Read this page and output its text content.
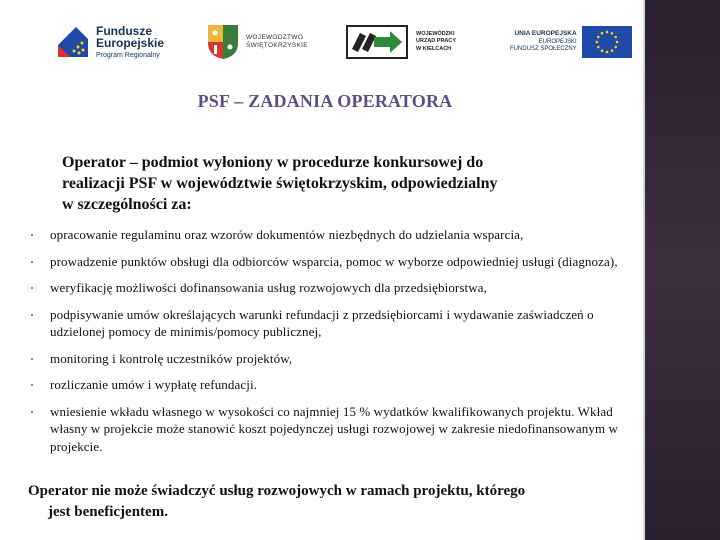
Fundusze
Europejskie
Program Regionalny
WOJEWÓDZTWO
ŚWIĘTOKRZYSKIE
WOJEWÓDZKI
URZĄD PRACY
W KIELCACH
UNIA EUROPEJSKA
EUROPEJSKI
FUNDUSZ SPOŁECZNY
PSF – ZADANIA OPERATORA
Operator – podmiot wyłoniony w procedurze konkursowej do
realizacji PSF w województwie świętokrzyskim, odpowiedzialny
w szczególności za:
opracowanie regulaminu oraz wzorów dokumentów niezbędnych do udzielania wsparcia,
prowadzenie punktów obsługi dla odbiorców wsparcia, pomoc w wyborze odpowiedniej usługi (diagnoza),
weryfikację możliwości dofinansowania usług rozwojowych dla przedsiębiorstwa,
podpisywanie umów określających warunki refundacji z przedsiębiorcami i wydawanie zaświadczeń o udzielonej pomocy de minimis/pomocy publicznej,
monitoring i kontrolę uczestników projektów,
rozliczanie umów i wypłatę refundacji.
wniesienie wkładu własnego w wysokości co najmniej 15 % wydatków kwalifikowanych projektu. Wkład własny w projekcie może stanowić koszt pojedynczej usługi rozwojowej w zakresie niedofinansowanym w projekcie.
Operator nie może świadczyć usług rozwojowych w ramach projektu, którego
jest beneficjentem.
